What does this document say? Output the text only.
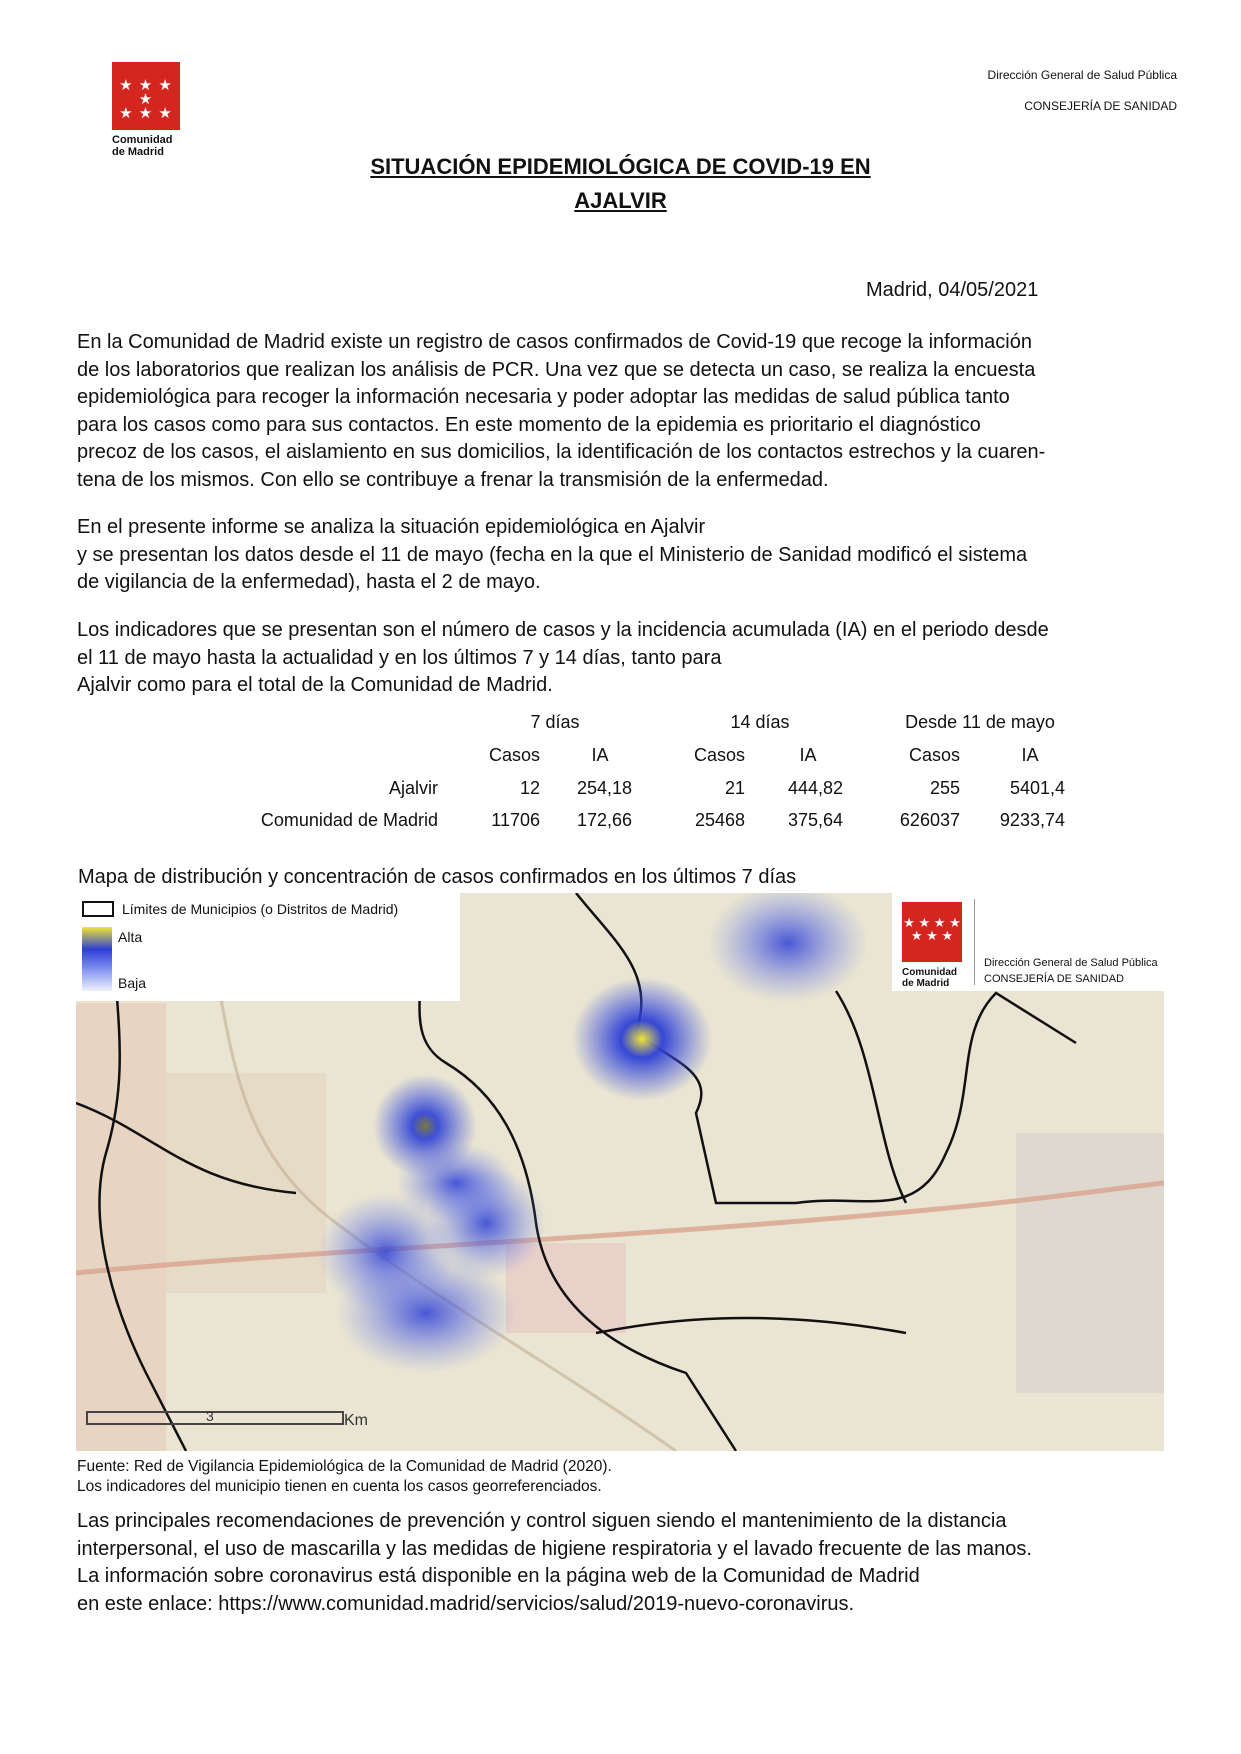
★ ★ ★ ★
★ ★ ★
Comunidad
de Madrid
Dirección General de Salud Pública
CONSEJERÍA DE SANIDAD
SITUACIÓN EPIDEMIOLÓGICA DE COVID-19 EN
AJALVIR
Madrid, 04/05/2021

En la Comunidad de Madrid existe un registro de casos confirmados de Covid-19 que recoge la información
de los laboratorios que realizan los análisis de PCR. Una vez que se detecta un caso, se realiza la encuesta
epidemiológica para recoger la información necesaria y poder adoptar las medidas de salud pública tanto
para los casos como para sus contactos. En este momento de la epidemia es prioritario el diagnóstico
precoz de los casos, el aislamiento en sus domicilios, la identificación de los contactos estrechos y la cuaren-
tena de los mismos. Con ello se contribuye a frenar la transmisión de la enfermedad.

En el presente informe se analiza la situación epidemiológica en Ajalvir
y se presentan los datos desde el 11 de mayo (fecha en la que el Ministerio de Sanidad modificó el sistema
de vigilancia de la enfermedad), hasta el 2 de mayo.

Los indicadores que se presentan son el número de casos y la incidencia acumulada (IA) en el periodo desde
el 11 de mayo hasta la actualidad y en los últimos 7 y 14 días, tanto para
Ajalvir como para el total de la Comunidad de Madrid.

7 días	14 días	Desde 11 de mayo
Casos	IA	Casos	IA	Casos	IA
Ajalvir	12	254,18	21	444,82	255	5401,4
Comunidad de Madrid	11706	172,66	25468	375,64	626037	9233,74
Mapa de distribución y concentración de casos confirmados en los últimos 7 días
★ ★ ★ ★
★ ★ ★
Comunidad
de Madrid
Dirección General de Salud Pública
CONSEJERÍA DE SANIDAD
Límites de Municipios (o Distritos de Madrid)
Alta
Baja
3	Km

Fuente: Red de Vigilancia Epidemiológica de la Comunidad de Madrid (2020).

Los indicadores del municipio tienen en cuenta los casos georreferenciados.

Las principales recomendaciones de prevención y control siguen siendo el mantenimiento de la distancia
interpersonal, el uso de mascarilla y las medidas de higiene respiratoria y el lavado frecuente de las manos.
La información sobre coronavirus está disponible en la página web de la Comunidad de Madrid
en este enlace: https://www.comunidad.madrid/servicios/salud/2019-nuevo-coronavirus.
